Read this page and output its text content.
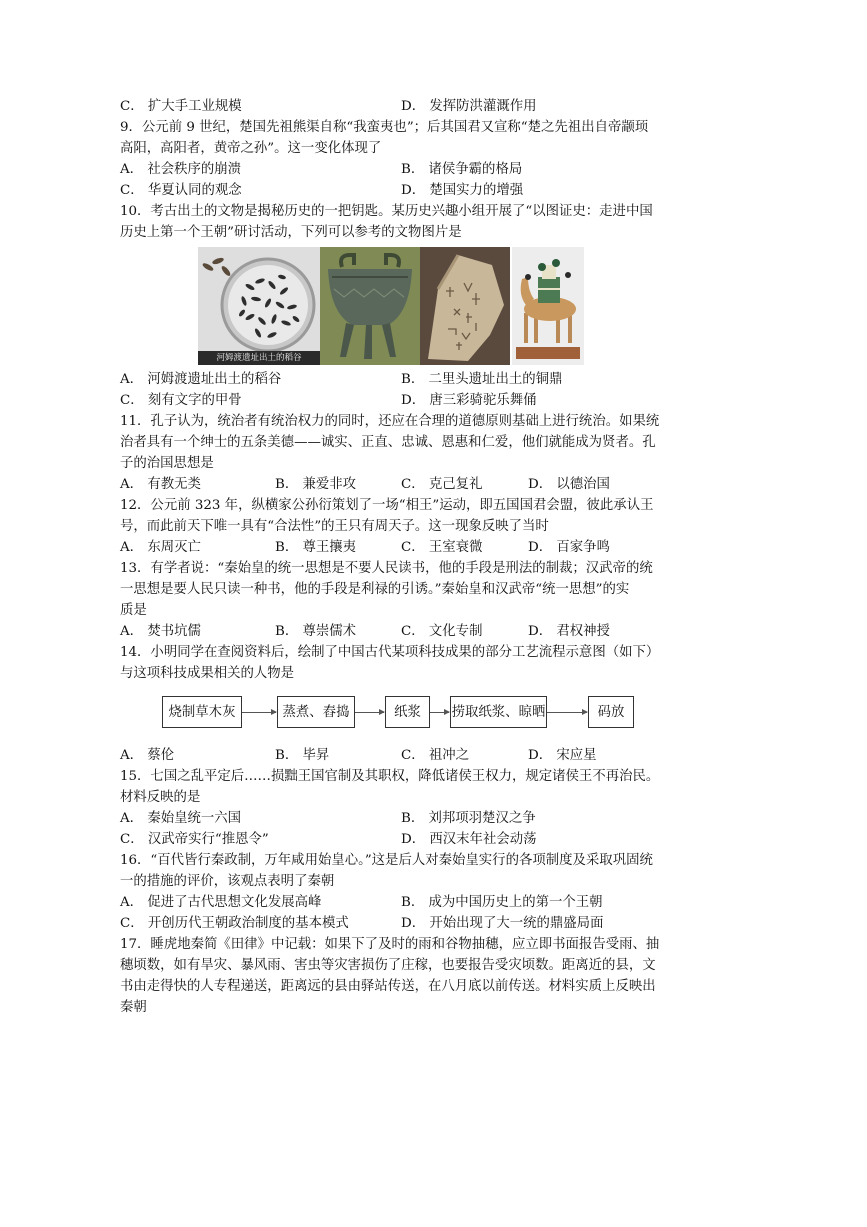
C． 扩大手工业规模	D． 发挥防洪灌溉作用
9．公元前 9 世纪，楚国先祖熊渠自称“我蛮夷也”；后其国君又宣称“楚之先祖出自帝颛顼
高阳，高阳者，黄帝之孙”。这一变化体现了
A． 社会秩序的崩溃	B． 诸侯争霸的格局
C． 华夏认同的观念	D． 楚国实力的增强
10．考古出土的文物是揭秘历史的一把钥匙。某历史兴趣小组开展了“以图证史：走进中国
历史上第一个王朝”研讨活动，下列可以参考的文物图片是
河姆渡遗址出土的稻谷
A． 河姆渡遗址出土的稻谷	B． 二里头遗址出土的铜鼎
C． 刻有文字的甲骨	D． 唐三彩骑驼乐舞俑
11．孔子认为，统治者有统治权力的同时，还应在合理的道德原则基础上进行统治。如果统
治者具有一个绅士的五条美德——诚实、正直、忠诚、恩惠和仁爱，他们就能成为贤者。孔
子的治国思想是
A． 有教无类	B． 兼爱非攻	C． 克己复礼	D． 以德治国
12．公元前 323 年，纵横家公孙衍策划了一场“相王”运动，即五国国君会盟，彼此承认王
号，而此前天下唯一具有“合法性”的王只有周天子。这一现象反映了当时
A． 东周灭亡	B． 尊王攘夷	C． 王室衰微	D． 百家争鸣
13．有学者说：“秦始皇的统一思想是不要人民读书，他的手段是刑法的制裁；汉武帝的统
一思想是要人民只读一种书，他的手段是利禄的引诱。”秦始皇和汉武帝“统一思想”的实
质是
A． 焚书坑儒	B． 尊崇儒术	C． 文化专制	D． 君权神授
14．小明同学在查阅资料后，绘制了中国古代某项科技成果的部分工艺流程示意图（如下）
与这项科技成果相关的人物是
烧制草木灰	蒸煮、舂捣	纸浆	捞取纸浆、晾晒	码放
A． 蔡伦	B． 毕昇	C． 祖冲之	D． 宋应星
15．七国之乱平定后……损黜王国官制及其职权，降低诸侯王权力，规定诸侯王不再治民。
材料反映的是
A． 秦始皇统一六国	B． 刘邦项羽楚汉之争
C． 汉武帝实行“推恩令”	D． 西汉末年社会动荡
16．“百代皆行秦政制，万年咸用始皇心。”这是后人对秦始皇实行的各项制度及采取巩固统
一的措施的评价，该观点表明了秦朝
A． 促进了古代思想文化发展高峰	B． 成为中国历史上的第一个王朝
C． 开创历代王朝政治制度的基本模式	D． 开始出现了大一统的鼎盛局面
17．睡虎地秦简《田律》中记载：如果下了及时的雨和谷物抽穗，应立即书面报告受雨、抽
穗顷数，如有旱灾、暴风雨、害虫等灾害损伤了庄稼，也要报告受灾顷数。距离近的县，文
书由走得快的人专程递送，距离远的县由驿站传送，在八月底以前传送。材料实质上反映出
秦朝
